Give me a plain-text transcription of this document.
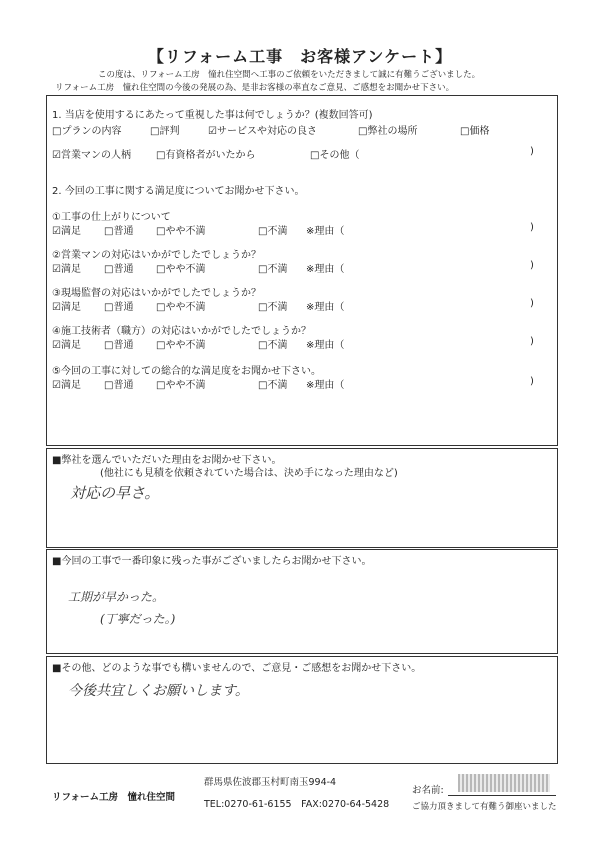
【リフォーム工事　お客様アンケート】
この度は、リフォーム工房　憧れ住空間へ工事のご依頼をいただきまして誠に有難うございました。
リフォーム工房　憧れ住空間の今後の発展の為、是非お客様の率直なご意見、ご感想をお聞かせ下さい。
1. 当店を使用するにあたって重視した事は何でしょうか？(複数回答可)
□プランの内容	□評判	☑サービスや対応の良さ	□弊社の場所	□価格
☑営業マンの人柄	□有資格者がいたから	□その他（	)
2. 今回の工事に関する満足度についてお聞かせ下さい。
①工事の仕上がりについて
☑満足 □普通 □やや不満	□不満 ※理由（	)
②営業マンの対応はいかがでしたでしょうか？
☑満足 □普通 □やや不満	□不満 ※理由（	)
③現場監督の対応はいかがでしたでしょうか？
☑満足 □普通 □やや不満	□不満 ※理由（	)
④施工技術者（職方）の対応はいかがでしたでしょうか？
☑満足 □普通 □やや不満	□不満 ※理由（	)
⑤今回の工事に対しての総合的な満足度をお聞かせ下さい。
☑満足 □普通 □やや不満	□不満 ※理由（	)
■弊社を選んでいただいた理由をお聞かせ下さい。
(他社にも見積を依頼されていた場合は、決め手になった理由など)
対応の早さ。
■今回の工事で一番印象に残った事がございましたらお聞かせ下さい。
工期が早かった。
(丁寧だった。)
■その他、どのような事でも構いませんので、ご意見・ご感想をお聞かせ下さい。
今後共宜しくお願いします。
リフォーム工房　憧れ住空間
群馬県佐波郡玉村町南玉994-4
TEL:0270-61-6155　FAX:0270-64-5428
お名前:
ご協力頂きまして有難う御座いました
